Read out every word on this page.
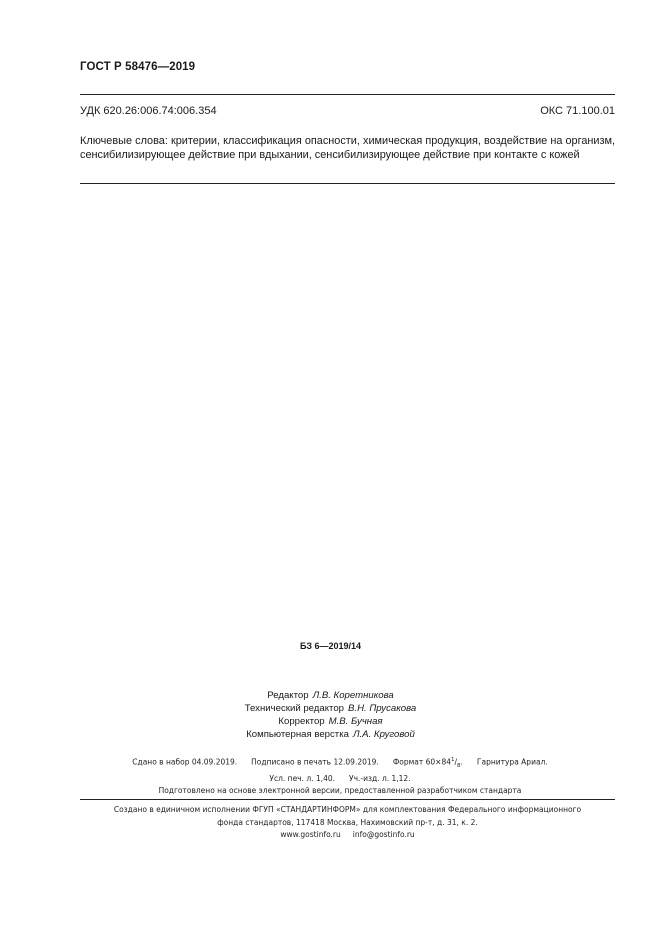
ГОСТ Р 58476—2019
УДК 620.26:006.74:006.354	ОКС 71.100.01
Ключевые слова: критерии, классификация опасности, химическая продукция, воздействие на организм, сенсибилизирующее действие при вдыхании, сенсибилизирующее действие при контакте с кожей
БЗ 6—2019/14
Редактор Л.В. Коретникова
Технический редактор В.Н. Прусакова
Корректор М.В. Бучная
Компьютерная верстка Л.А. Круговой
Сдано в набор 04.09.2019. Подписано в печать 12.09.2019. Формат $60\times 84^1/_8$. Гарнитура Ариал.
Усл. печ. л. 1,40. Уч.-изд. л. 1,12.
Подготовлено на основе электронной версии, предоставленной разработчиком стандарта
Создано в единичном исполнении ФГУП «СТАНДАРТИНФОРМ» для комплектования Федерального информационного
фонда стандартов, 117418 Москва, Нахимовский пр-т, д. 31, к. 2.
www.gostinfo.ru info@gostinfo.ru
